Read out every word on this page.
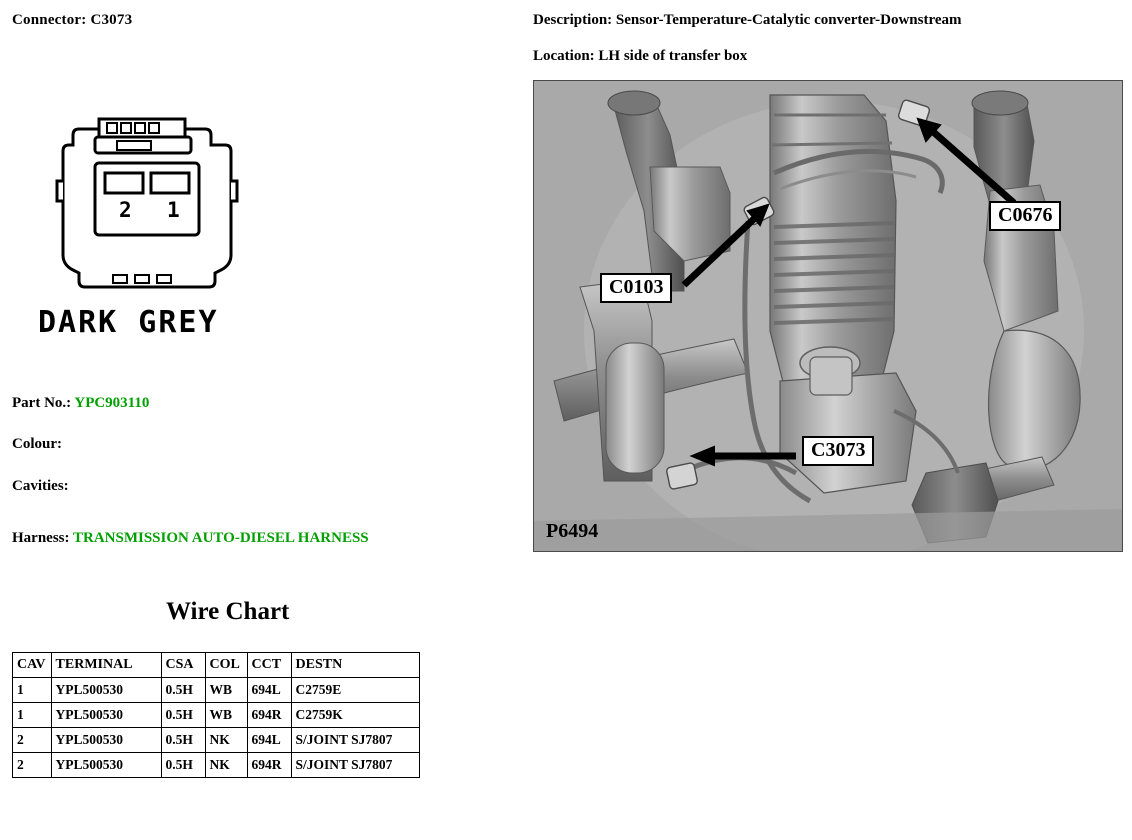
Connector: C3073
2 1
DARK GREY
Part No.: YPC903110
Colour:
Cavities:
Harness: TRANSMISSION AUTO-DIESEL HARNESS
Wire Chart
CAV	TERMINAL	CSA	COL	CCT	DESTN
1	YPL500530	0.5H	WB	694L	C2759E
1	YPL500530	0.5H	WB	694R	C2759K
2	YPL500530	0.5H	NK	694L	S/JOINT SJ7807
2	YPL500530	0.5H	NK	694R	S/JOINT SJ7807
Description: Sensor-Temperature-Catalytic converter-Downstream
Location: LH side of transfer box
C0103
C0676
C3073
P6494
